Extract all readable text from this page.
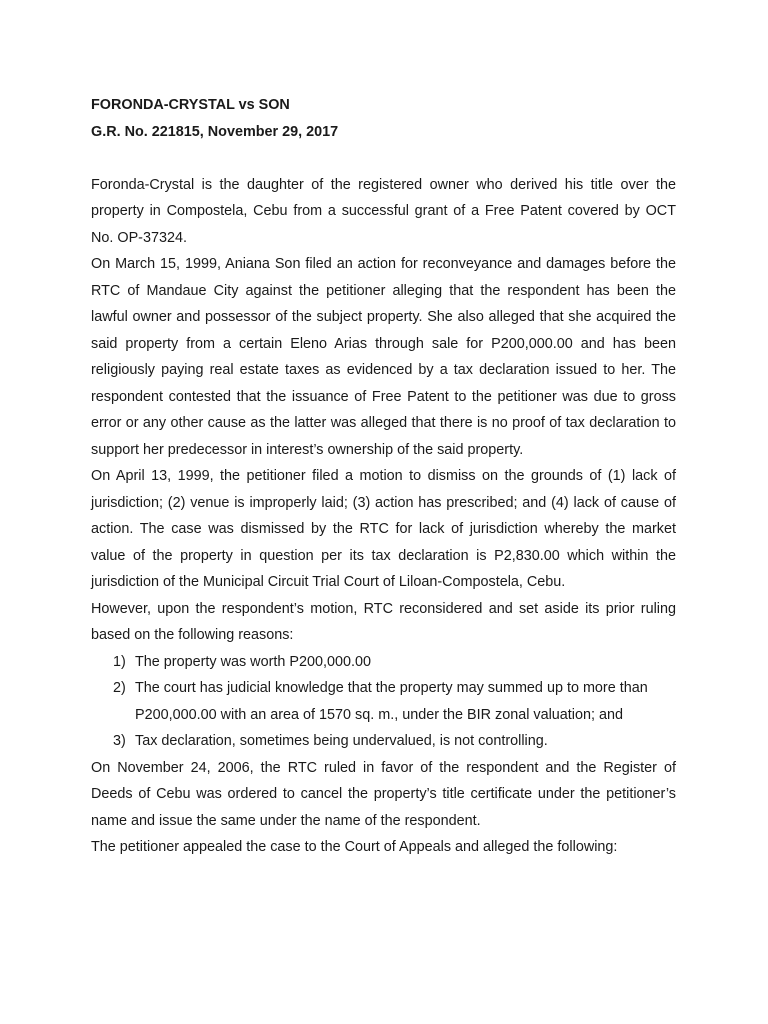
FORONDA-CRYSTAL vs SON

G.R. No. 221815, November 29, 2017

Foronda-Crystal is the daughter of the registered owner who derived his title over the property in Compostela, Cebu from a successful grant of a Free Patent covered by OCT No. OP-37324.

On March 15, 1999, Aniana Son filed an action for reconveyance and damages before the RTC of Mandaue City against the petitioner alleging that the respondent has been the lawful owner and possessor of the subject property. She also alleged that she acquired the said property from a certain Eleno Arias through sale for P200,000.00 and has been religiously paying real estate taxes as evidenced by a tax declaration issued to her. The respondent contested that the issuance of Free Patent to the petitioner was due to gross error or any other cause as the latter was alleged that there is no proof of tax declaration to support her predecessor in interest’s ownership of the said property.

On April 13, 1999, the petitioner filed a motion to dismiss on the grounds of (1) lack of jurisdiction; (2) venue is improperly laid; (3) action has prescribed; and (4) lack of cause of action. The case was dismissed by the RTC for lack of jurisdiction whereby the market value of the property in question per its tax declaration is P2,830.00 which within the jurisdiction of the Municipal Circuit Trial Court of Liloan-Compostela, Cebu.

However, upon the respondent’s motion, RTC reconsidered and set aside its prior ruling based on the following reasons:

1) The property was worth P200,000.00
2) The court has judicial knowledge that the property may summed up to more than P200,000.00 with an area of 1570 sq. m., under the BIR zonal valuation; and
3) Tax declaration, sometimes being undervalued, is not controlling.

On November 24, 2006, the RTC ruled in favor of the respondent and the Register of Deeds of Cebu was ordered to cancel the property’s title certificate under the petitioner’s name and issue the same under the name of the respondent.

The petitioner appealed the case to the Court of Appeals and alleged the following:
